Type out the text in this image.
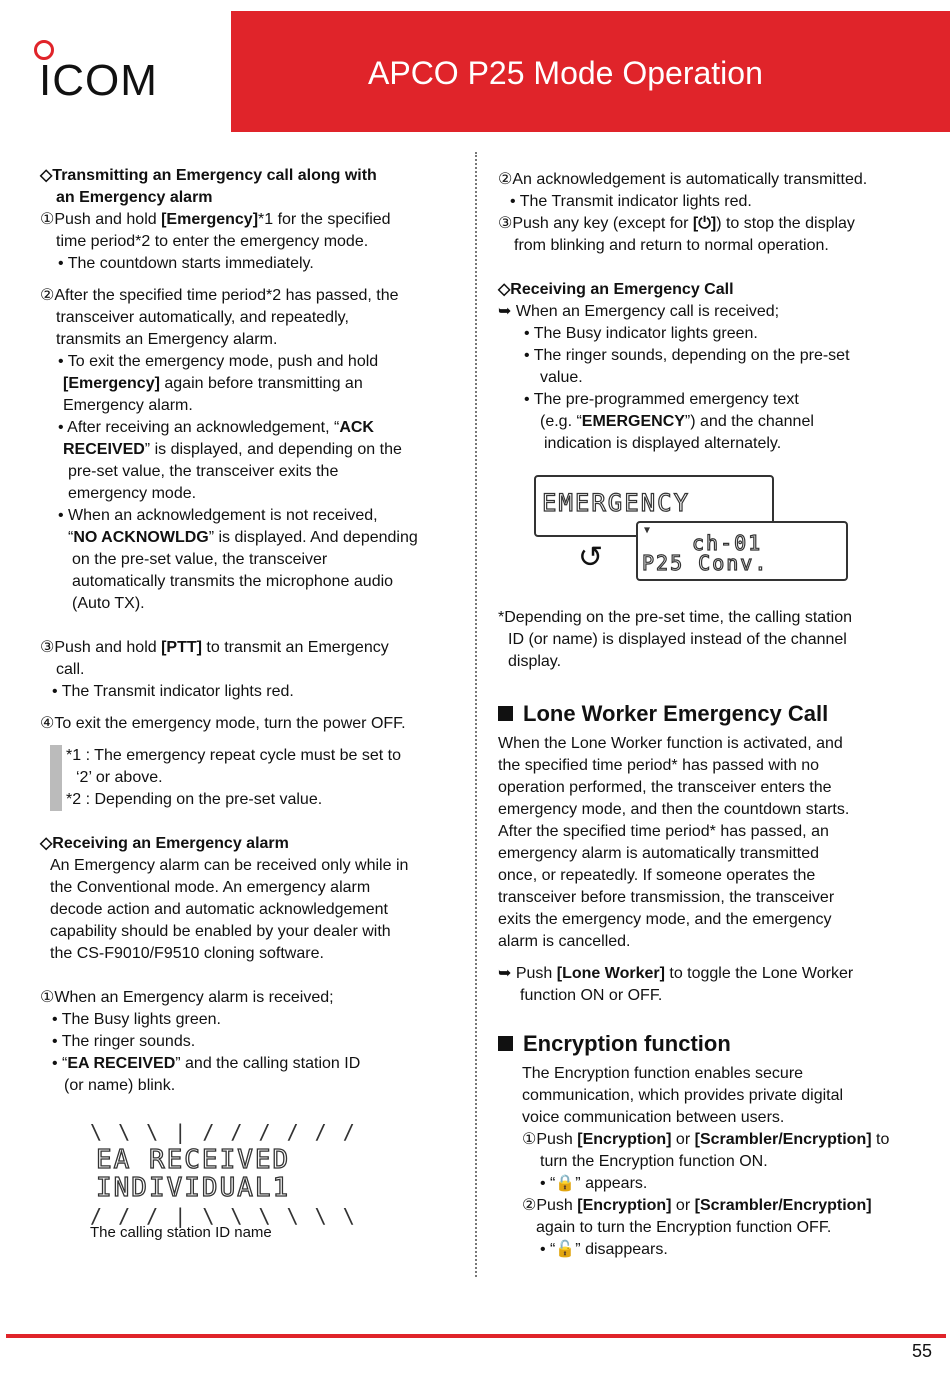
ICOM	APCO P25 Mode Operation

◇Transmitting an Emergency call along with

an Emergency alarm

①Push and hold [Emergency]*1 for the specified

time period*2 to enter the emergency mode.

• The countdown starts immediately.

②After the specified time period*2 has passed, the

transceiver automatically, and repeatedly,

transmits an Emergency alarm.

• To exit the emergency mode, push and hold

[Emergency] again before transmitting an

Emergency alarm.

• After receiving an acknowledgement, “ACK

RECEIVED” is displayed, and depending on the

pre-set value, the transceiver exits the

emergency mode.

• When an acknowledgement is not received,

“NO ACKNOWLDG” is displayed. And depending

on the pre-set value, the transceiver

automatically transmits the microphone audio

(Auto TX).

③Push and hold [PTT] to transmit an Emergency

call.

• The Transmit indicator lights red.

④To exit the emergency mode, turn the power OFF.

*1 : The emergency repeat cycle must be set to

‘2’ or above.

*2 : Depending on the pre-set value.

◇Receiving an Emergency alarm

An Emergency alarm can be received only while in

the Conventional mode. An emergency alarm

decode action and automatic acknowledgement

capability should be enabled by your dealer with

the CS-F9010/F9510 cloning software.

①When an Emergency alarm is received;

• The Busy lights green.

• The ringer sounds.

• “EA RECEIVED” and the calling station ID

(or name) blink.

\ \ \ | / / / / / /
EA RECEIVED
INDIVIDUAL1
/ / / | \ \ \ \ \ \
The calling station ID name

②An acknowledgement is automatically transmitted.

• The Transmit indicator lights red.

③Push any key (except for [⏻]) to stop the display

from blinking and return to normal operation.

◇Receiving an Emergency Call

➥ When an Emergency call is received;

• The Busy indicator lights green.

• The ringer sounds, depending on the pre-set

value.

• The pre-programmed emergency text

(e.g. “EMERGENCY”) and the channel

indication is displayed alternately.

EMERGENCY
↺
▼
ch-01
P25 Conv.

*Depending on the pre-set time, the calling station

ID (or name) is displayed instead of the channel

display.

Lone Worker Emergency Call

When the Lone Worker function is activated, and

the specified time period* has passed with no

operation performed, the transceiver enters the

emergency mode, and then the countdown starts.

After the specified time period* has passed, an

emergency alarm is automatically transmitted

once, or repeatedly. If someone operates the

transceiver before transmission, the transceiver

exits the emergency mode, and the emergency

alarm is cancelled.

➥ Push [Lone Worker] to toggle the Lone Worker

function ON or OFF.

Encryption function

The Encryption function enables secure

communication, which provides private digital

voice communication between users.

①Push [Encryption] or [Scrambler/Encryption] to

turn the Encryption function ON.

• “🔒” appears.

②Push [Encryption] or [Scrambler/Encryption]

again to turn the Encryption function OFF.

• “🔓” disappears.

55
